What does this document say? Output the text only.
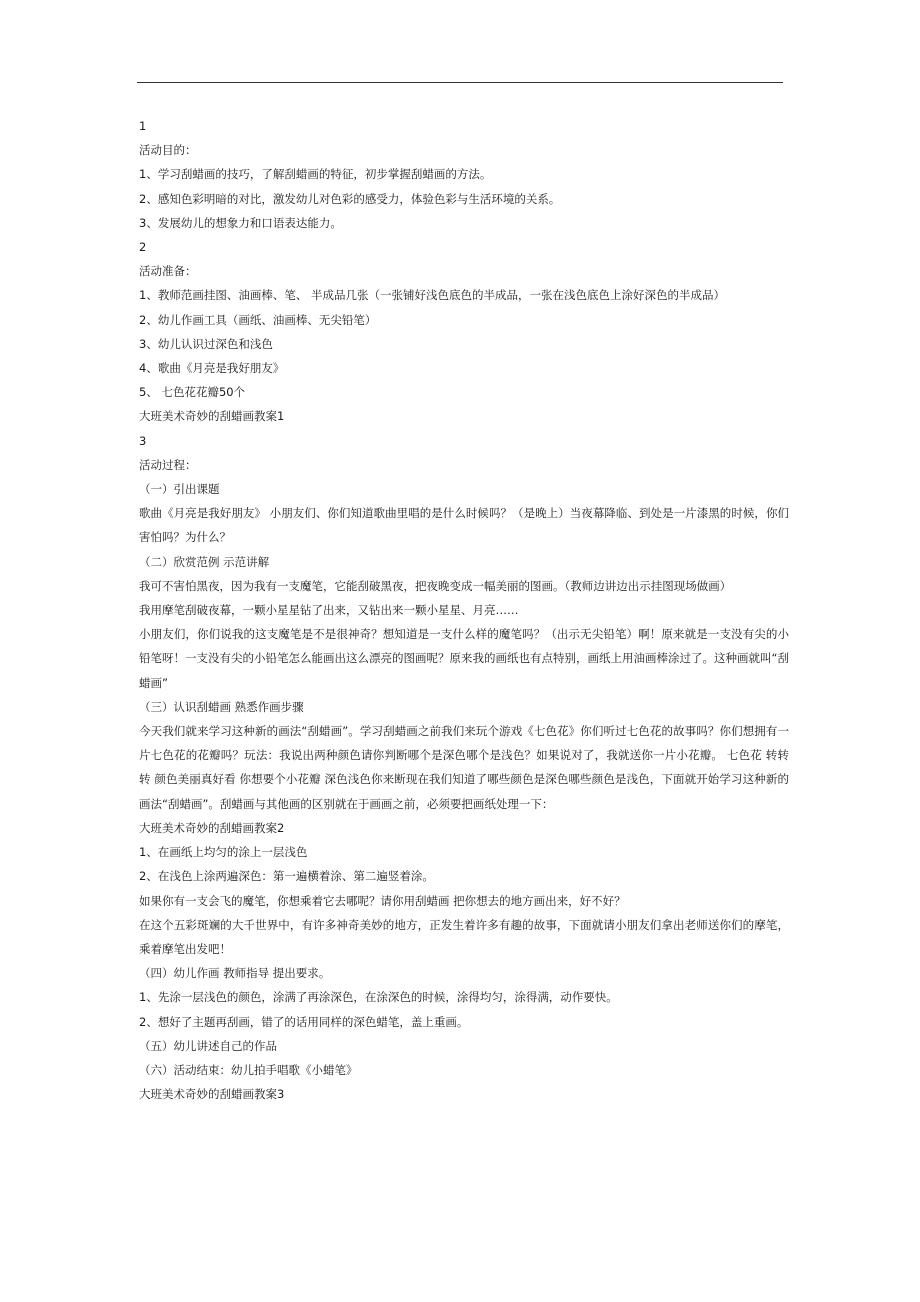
1

活动目的：

1、学习刮蜡画的技巧，了解刮蜡画的特征，初步掌握刮蜡画的方法。

2、感知色彩明暗的对比，激发幼儿对色彩的感受力，体验色彩与生活环境的关系。

3、发展幼儿的想象力和口语表达能力。

2

活动准备：

1、教师范画挂图、油画棒、笔、 半成品几张（一张铺好浅色底色的半成品，一张在浅色底色上涂好深色的半成品）

2、幼儿作画工具（画纸、油画棒、无尖铅笔）

3、幼儿认识过深色和浅色

4、歌曲《月亮是我好朋友》

5、 七色花花瓣50个

大班美术奇妙的刮蜡画教案1

3

活动过程：

（一）引出课题

歌曲《月亮是我好朋友》 小朋友们、你们知道歌曲里唱的是什么时候吗？（是晚上）当夜幕降临、到处是一片漆黑的时候，你们害怕吗？为什么？

（二）欣赏范例 示范讲解

我可不害怕黑夜，因为我有一支魔笔，它能刮破黑夜，把夜晚变成一幅美丽的图画。（教师边讲边出示挂图现场做画）

我用摩笔刮破夜幕，一颗小星星钻了出来，又钻出来一颗小星星、月亮……

小朋友们，你们说我的这支魔笔是不是很神奇？想知道是一支什么样的魔笔吗？（出示无尖铅笔）啊！原来就是一支没有尖的小铅笔呀！一支没有尖的小铅笔怎么能画出这么漂亮的图画呢？原来我的画纸也有点特别，画纸上用油画棒涂过了。这种画就叫“刮蜡画”

（三）认识刮蜡画 熟悉作画步骤

今天我们就来学习这种新的画法“刮蜡画”。学习刮蜡画之前我们来玩个游戏《七色花》你们听过七色花的故事吗？你们想拥有一片七色花的花瓣吗？玩法：我说出两种颜色请你判断哪个是深色哪个是浅色？如果说对了，我就送你一片小花瓣。 七色花 转转转 颜色美丽真好看 你想要个小花瓣 深色浅色你来断现在我们知道了哪些颜色是深色哪些颜色是浅色，下面就开始学习这种新的画法“刮蜡画”。刮蜡画与其他画的区别就在于画画之前，必须要把画纸处理一下：

大班美术奇妙的刮蜡画教案2

1、在画纸上均匀的涂上一层浅色

2、在浅色上涂两遍深色：第一遍横着涂、第二遍竖着涂。

如果你有一支会飞的魔笔，你想乘着它去哪呢？请你用刮蜡画 把你想去的地方画出来，好不好？

在这个五彩斑斓的大千世界中，有许多神奇美妙的地方，正发生着许多有趣的故事，下面就请小朋友们拿出老师送你们的摩笔，乘着摩笔出发吧！

（四）幼儿作画 教师指导 提出要求。

1、先涂一层浅色的颜色，涂满了再涂深色，在涂深色的时候，涂得均匀，涂得满，动作要快。

2、想好了主题再刮画，错了的话用同样的深色蜡笔，盖上重画。

（五）幼儿讲述自己的作品

（六）活动结束：幼儿拍手唱歌《小蜡笔》

大班美术奇妙的刮蜡画教案3
